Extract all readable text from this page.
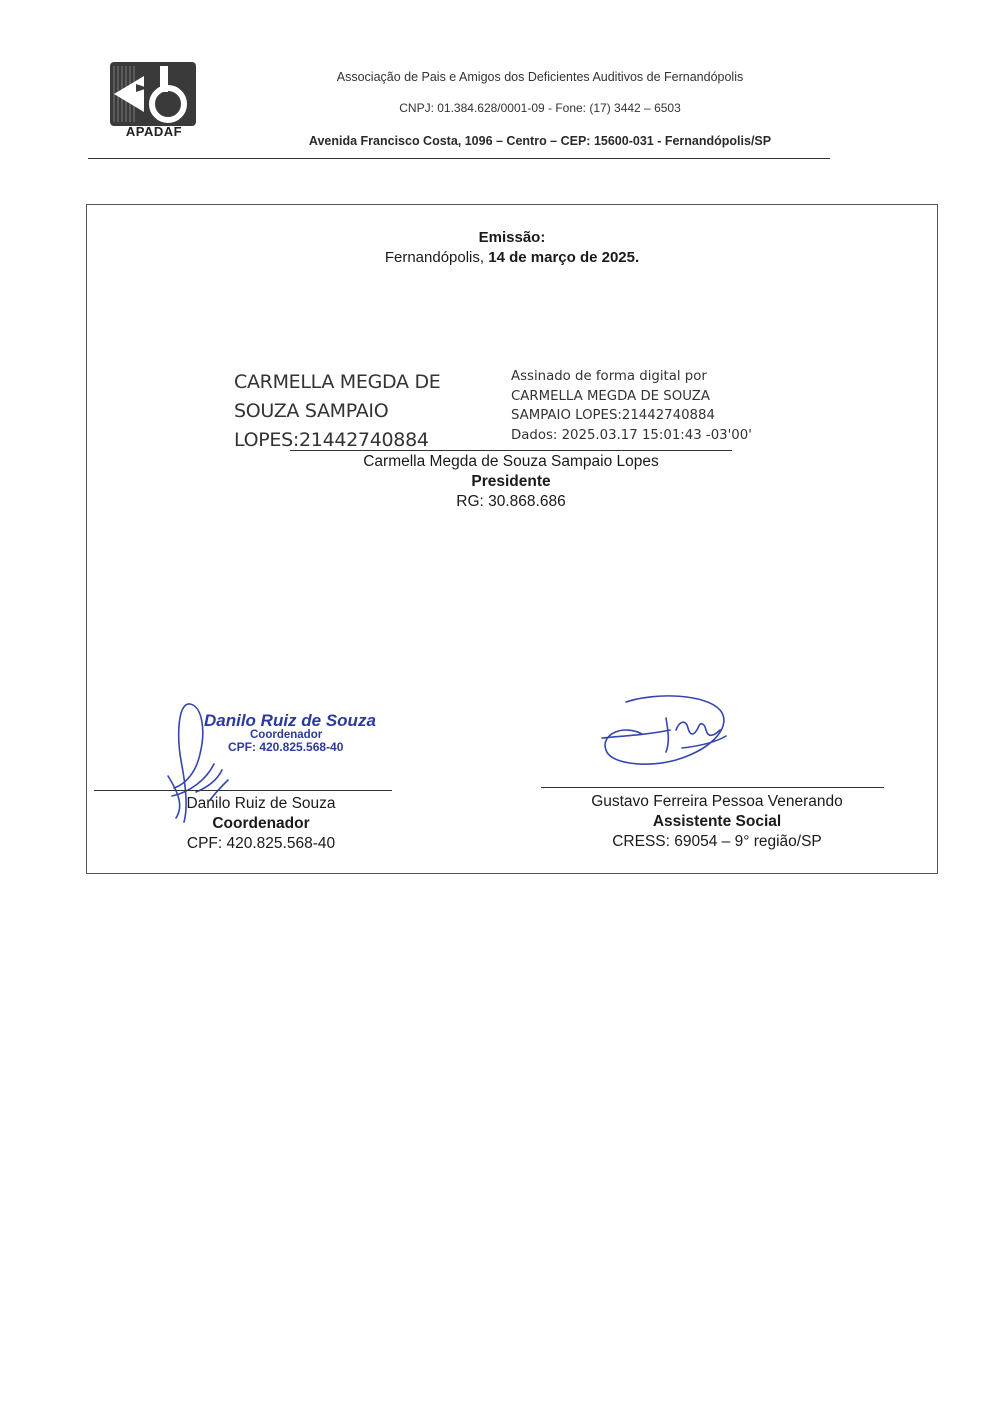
APADAF
Associação de Pais e Amigos dos Deficientes Auditivos de Fernandópolis
CNPJ: 01.384.628/0001-09 - Fone: (17) 3442 – 6503
Avenida Francisco Costa, 1096 – Centro – CEP: 15600-031 - Fernandópolis/SP
Emissão:
Fernandópolis, 14 de março de 2025.
CARMELLA MEGDA DE
SOUZA SAMPAIO
LOPES:21442740884
Assinado de forma digital por
CARMELLA MEGDA DE SOUZA
SAMPAIO LOPES:21442740884
Dados: 2025.03.17 15:01:43 -03'00'
Carmella Megda de Souza Sampaio Lopes
Presidente
RG: 30.868.686
Danilo Ruiz de Souza
Coordenador
CPF: 420.825.568-40
Danilo Ruiz de Souza
Coordenador
CPF: 420.825.568-40
Gustavo Ferreira Pessoa Venerando
Assistente Social
CRESS: 69054 – 9° região/SP
